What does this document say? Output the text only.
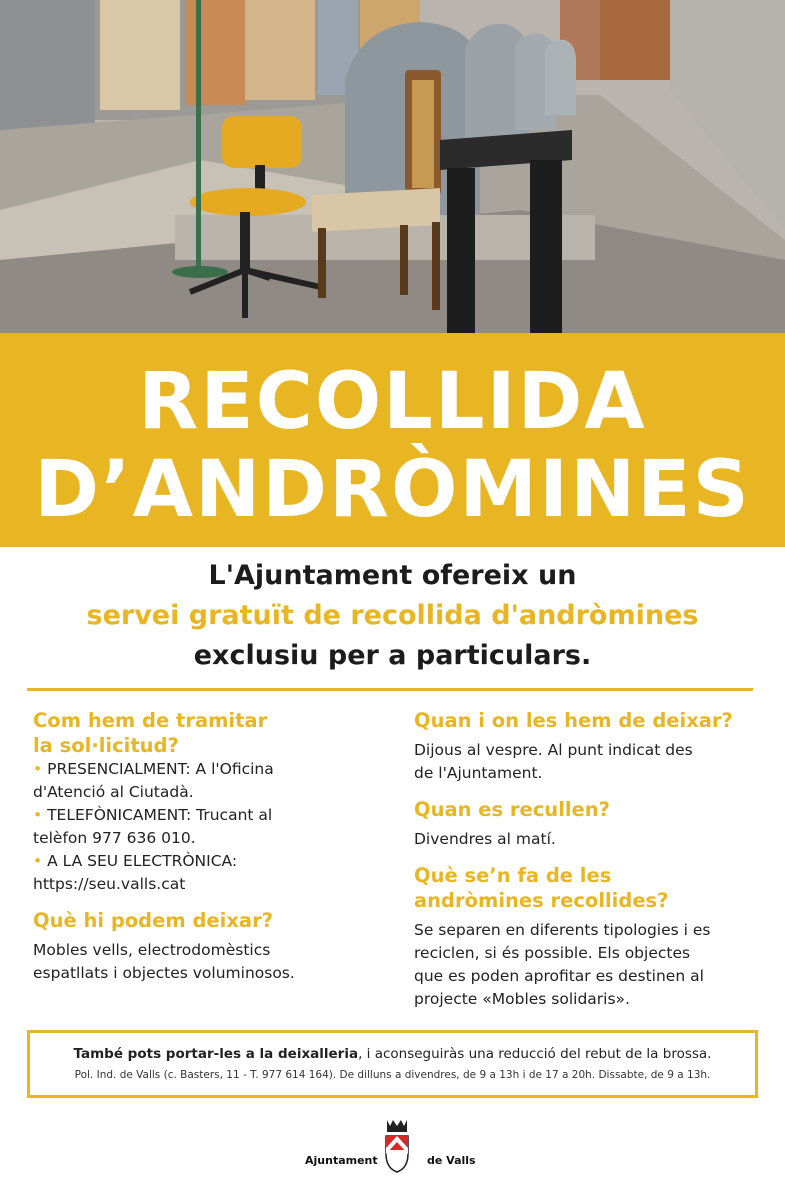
RECOLLIDA
D’ANDRÒMINES

L'Ajuntament ofereix un

servei gratuït de recollida d'andròmines

exclusiu per a particulars.

Com hem de tramitar
la sol·licitud?
• PRESENCIALMENT: A l'Oficina
d'Atenció al Ciutadà.
• TELEFÒNICAMENT: Trucant al
telèfon 977 636 010.
• A LA SEU ELECTRÒNICA:
https://seu.valls.cat
Què hi podem deixar?
Mobles vells, electrodomèstics
espatllats i objectes voluminosos.
Quan i on les hem de deixar?
Dijous al vespre. Al punt indicat des
de l'Ajuntament.
Quan es recullen?
Divendres al matí.
Què se’n fa de les
andròmines recollides?
Se separen en diferents tipologies i es
reciclen, si és possible. Els objectes
que es poden aprofitar es destinen al
projecte «Mobles solidaris».
També pots portar-les a la deixalleria, i aconseguiràs una reducció del rebut de la brossa.
Pol. Ind. de Valls (c. Basters, 11 - T. 977 614 164). De dilluns a divendres, de 9 a 13h i de 17 a 20h. Dissabte, de 9 a 13h.
Ajuntament	de Valls
